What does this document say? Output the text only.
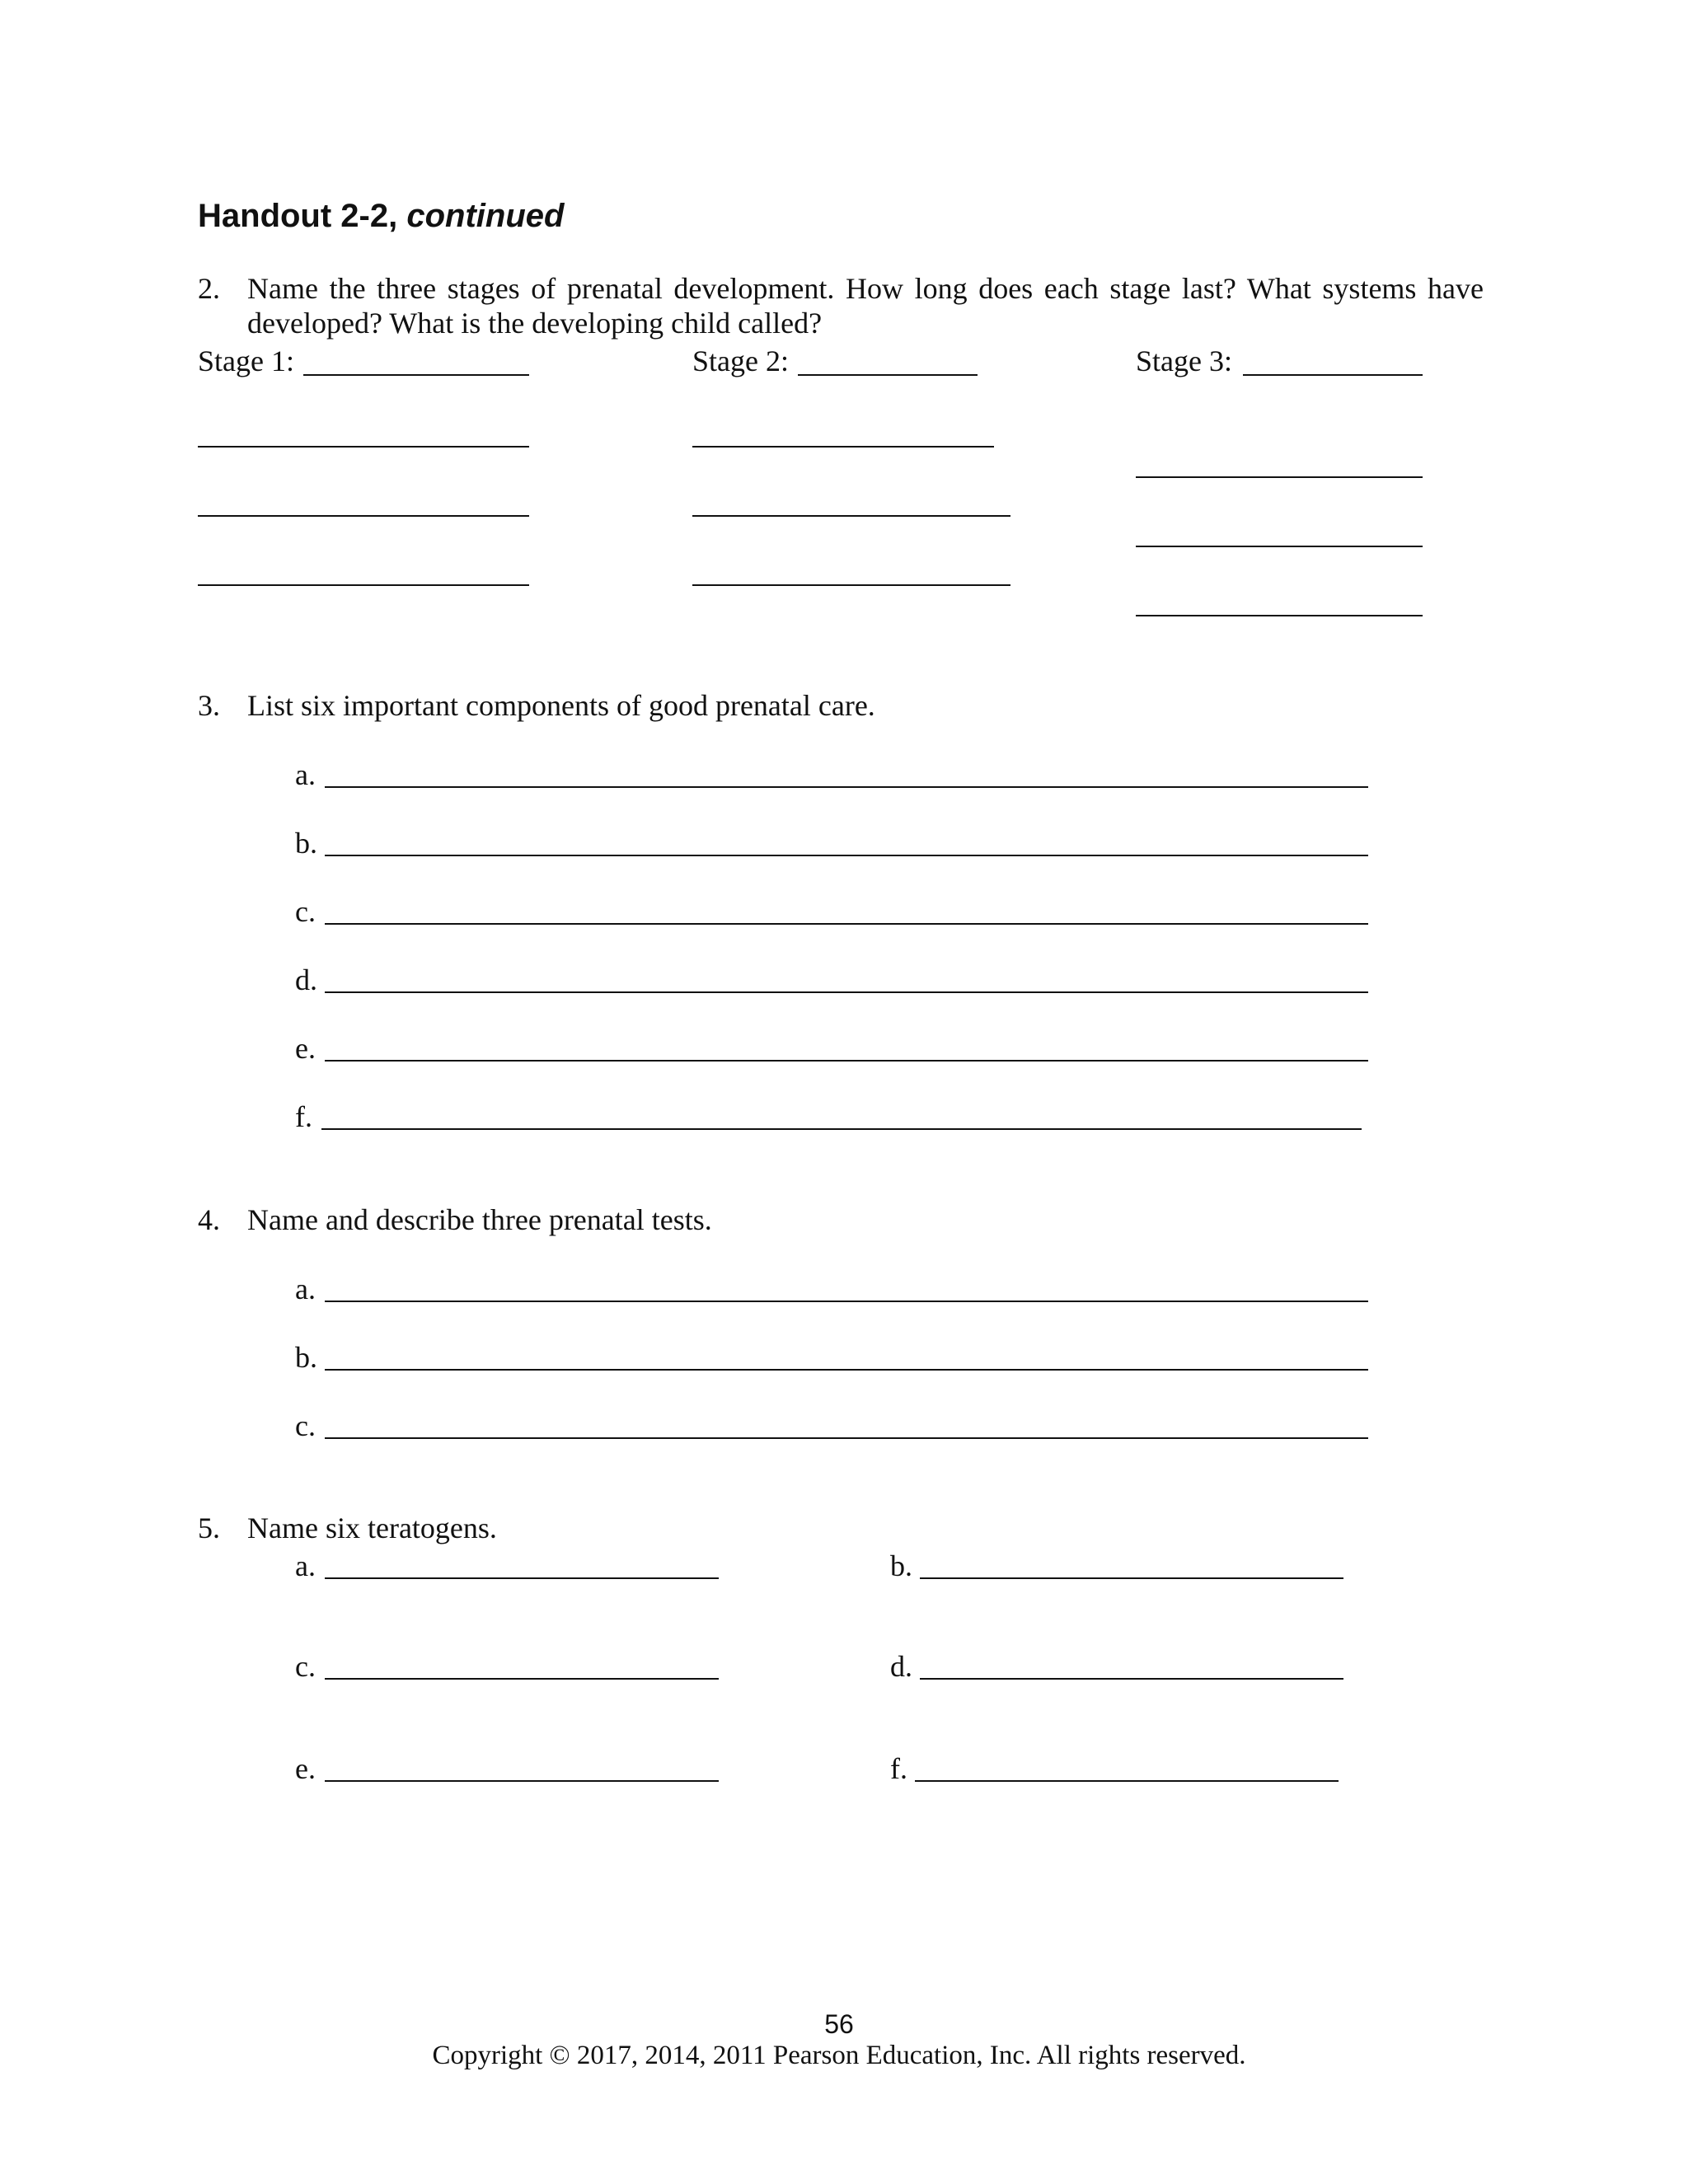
Handout 2-2, continued
2. Name the three stages of prenatal development. How long does each stage last? What systems have
developed? What is the developing child called?
Stage 1:	Stage 2:	Stage 3:
3. List six important components of good prenatal care.
a.
b.
c.
d.
e.
f.
4. Name and describe three prenatal tests.
a.
b.
c.
5. Name six teratogens.
a.	b.
c.	d.
e.	f.
56
Copyright © 2017, 2014, 2011 Pearson Education, Inc. All rights reserved.
